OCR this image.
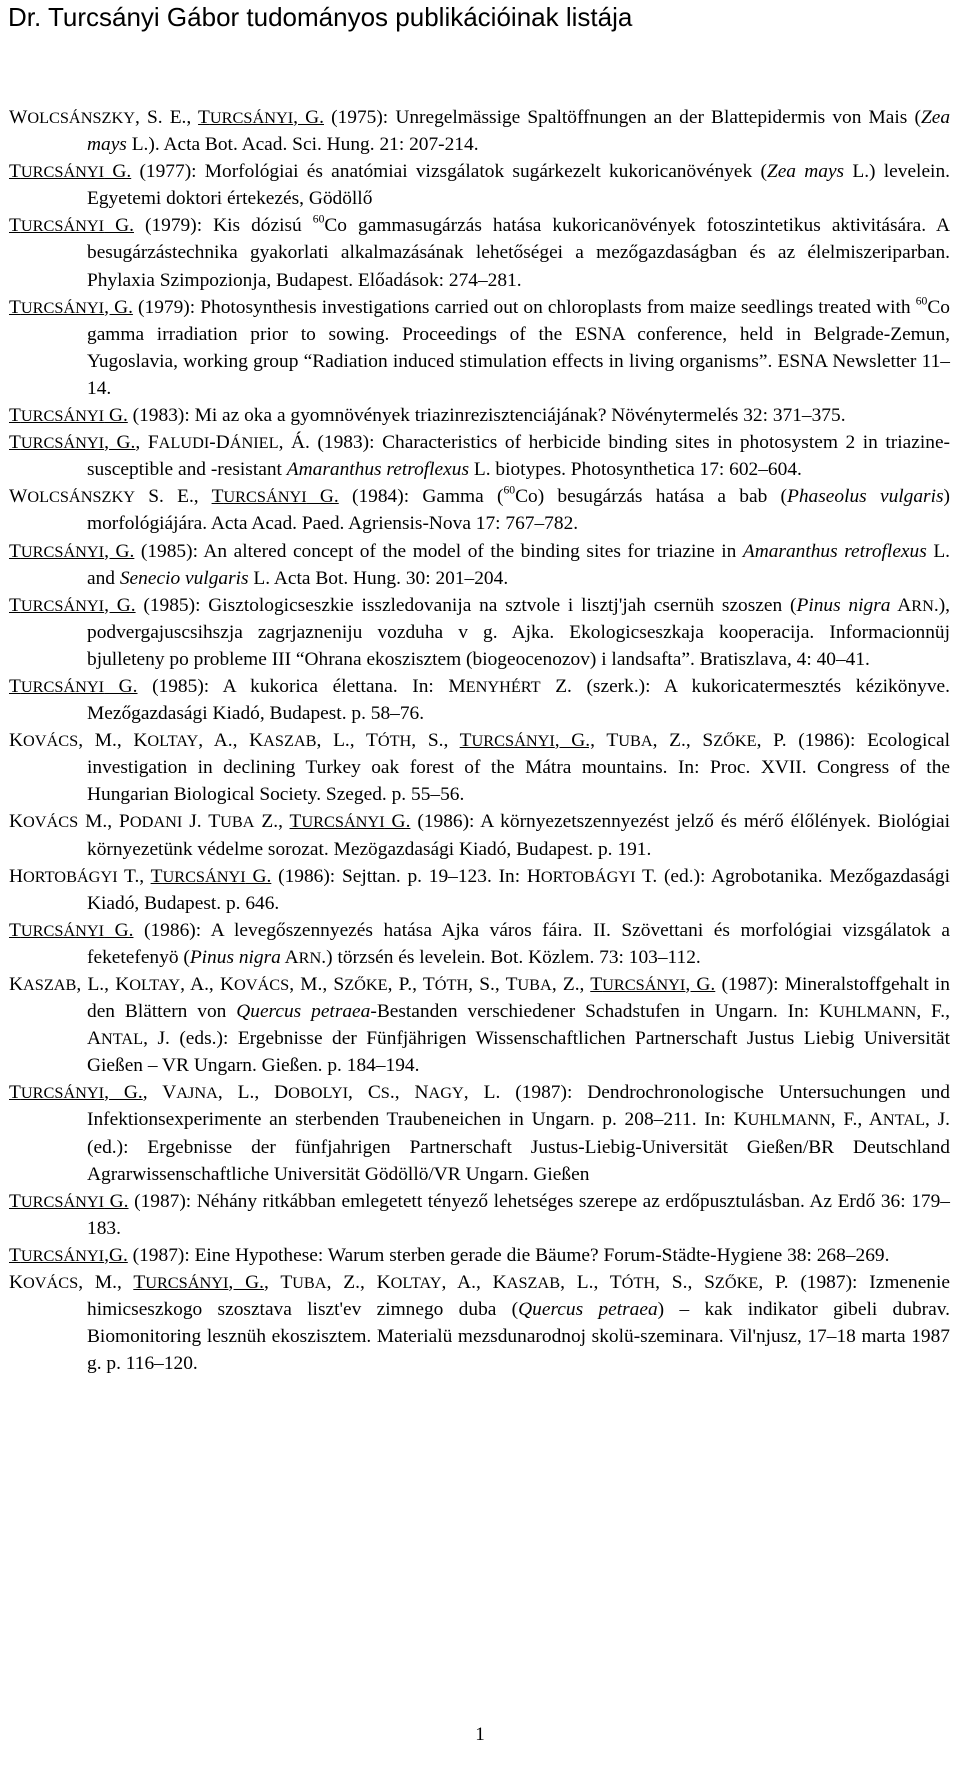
Dr. Turcsányi Gábor tudományos publikációinak listája

WOLCSÁNSZKY, S. E., TURCSÁNYI, G. (1975): Unregelmässige Spaltöffnungen an der Blattepidermis von Mais (Zea mays L.). Acta Bot. Acad. Sci. Hung. 21: 207-214.

TURCSÁNYI G. (1977): Morfológiai és anatómiai vizsgálatok sugárkezelt kukoricanövények (Zea mays L.) levelein. Egyetemi doktori értekezés, Gödöllő

TURCSÁNYI G. (1979): Kis dózisú $^{60}$Co gammasugárzás hatása kukoricanövények fotoszintetikus aktivitására. A besugárzástechnika gyakorlati alkalmazásának lehetőségei a mezőgazdaságban és az élelmiszeriparban. Phylaxia Szimpozionja, Budapest. Előadások: 274–281.

TURCSÁNYI, G. (1979): Photosynthesis investigations carried out on chloroplasts from maize seedlings treated with $^{60}$Co gamma irradiation prior to sowing. Proceedings of the ESNA conference, held in Belgrade-Zemun, Yugoslavia, working group “Radiation induced stimulation effects in living organisms”. ESNA Newsletter 11–14.

TURCSÁNYI G. (1983): Mi az oka a gyomnövények triazinrezisztenciájának? Növénytermelés 32: 371–375.

TURCSÁNYI, G., FALUDI-DÁNIEL, Á. (1983): Characteristics of herbicide binding sites in photosystem 2 in triazine-susceptible and -resistant Amaranthus retroflexus L. biotypes. Photosynthetica 17: 602–604.

WOLCSÁNSZKY S. E., TURCSÁNYI G. (1984): Gamma ($^{60}$Co) besugárzás hatása a bab (Phaseolus vulgaris) morfológiájára. Acta Acad. Paed. Agriensis-Nova 17: 767–782.

TURCSÁNYI, G. (1985): An altered concept of the model of the binding sites for triazine in Amaranthus retroflexus L. and Senecio vulgaris L. Acta Bot. Hung. 30: 201–204.

TURCSÁNYI, G. (1985): Gisztologicseszkie isszledovanija na sztvole i lisztj'jah csernüh szoszen (Pinus nigra ARN.), podvergajuscsihszja zagrjazneniju vozduha v g. Ajka. Ekologicseszkaja kooperacija. Informacionnüj bjulleteny po probleme III “Ohrana ekoszisztem (biogeocenozov) i landsafta”. Bratiszlava, 4: 40–41.

TURCSÁNYI G. (1985): A kukorica élettana. In: MENYHÉRT Z. (szerk.): A kukoricatermesztés kézikönyve. Mezőgazdasági Kiadó, Budapest. p. 58–76.

KOVÁCS, M., KOLTAY, A., KASZAB, L., TÓTH, S., TURCSÁNYI, G., TUBA, Z., SZŐKE, P. (1986): Ecological investigation in declining Turkey oak forest of the Mátra mountains. In: Proc. XVII. Congress of the Hungarian Biological Society. Szeged. p. 55–56.

KOVÁCS M., PODANI J. TUBA Z., TURCSÁNYI G. (1986): A környezetszennyezést jelző és mérő élőlények. Biológiai környezetünk védelme sorozat. Mezögazdasági Kiadó, Budapest. p. 191.

HORTOBÁGYI T., TURCSÁNYI G. (1986): Sejttan. p. 19–123. In: HORTOBÁGYI T. (ed.): Agrobotanika. Mezőgazdasági Kiadó, Budapest. p. 646.

TURCSÁNYI G. (1986): A levegőszennyezés hatása Ajka város fáira. II. Szövettani és morfológiai vizsgálatok a feketefenyö (Pinus nigra ARN.) törzsén és levelein. Bot. Közlem. 73: 103–112.

KASZAB, L., KOLTAY, A., KOVÁCS, M., SZŐKE, P., TÓTH, S., TUBA, Z., TURCSÁNYI, G. (1987): Mineralstoffgehalt in den Blättern von Quercus petraea-Bestanden verschiedener Schadstufen in Ungarn. In: KUHLMANN, F., ANTAL, J. (eds.): Ergebnisse der Fünfjährigen Wissenschaftlichen Partnerschaft Justus Liebig Universität Gießen – VR Ungarn. Gießen. p. 184–194.

TURCSÁNYI, G., VAJNA, L., DOBOLYI, CS., NAGY, L. (1987): Dendrochronologische Untersuchungen und Infektionsexperimente an sterbenden Traubeneichen in Ungarn. p. 208–211. In: KUHLMANN, F., ANTAL, J. (ed.): Ergebnisse der fünfjahrigen Partnerschaft Justus-Liebig-Universität Gießen/BR Deutschland Agrarwissenschaftliche Universität Gödöllö/VR Ungarn. Gießen

TURCSÁNYI G. (1987): Néhány ritkábban emlegetett tényező lehetséges szerepe az erdőpusztulásban. Az Erdő 36: 179–183.

TURCSÁNYI,G. (1987): Eine Hypothese: Warum sterben gerade die Bäume? Forum-Städte-Hygiene 38: 268–269.

KOVÁCS, M., TURCSÁNYI, G., TUBA, Z., KOLTAY, A., KASZAB, L., TÓTH, S., SZŐKE, P. (1987): Izmenenie himicseszkogo szosztava liszt'ev zimnego duba (Quercus petraea) – kak indikator gibeli dubrav. Biomonitoring lesznüh ekoszisztem. Materialü mezsdunarodnoj skolü-szeminara. Vil'njusz, 17–18 marta 1987 g. p. 116–120.

1
